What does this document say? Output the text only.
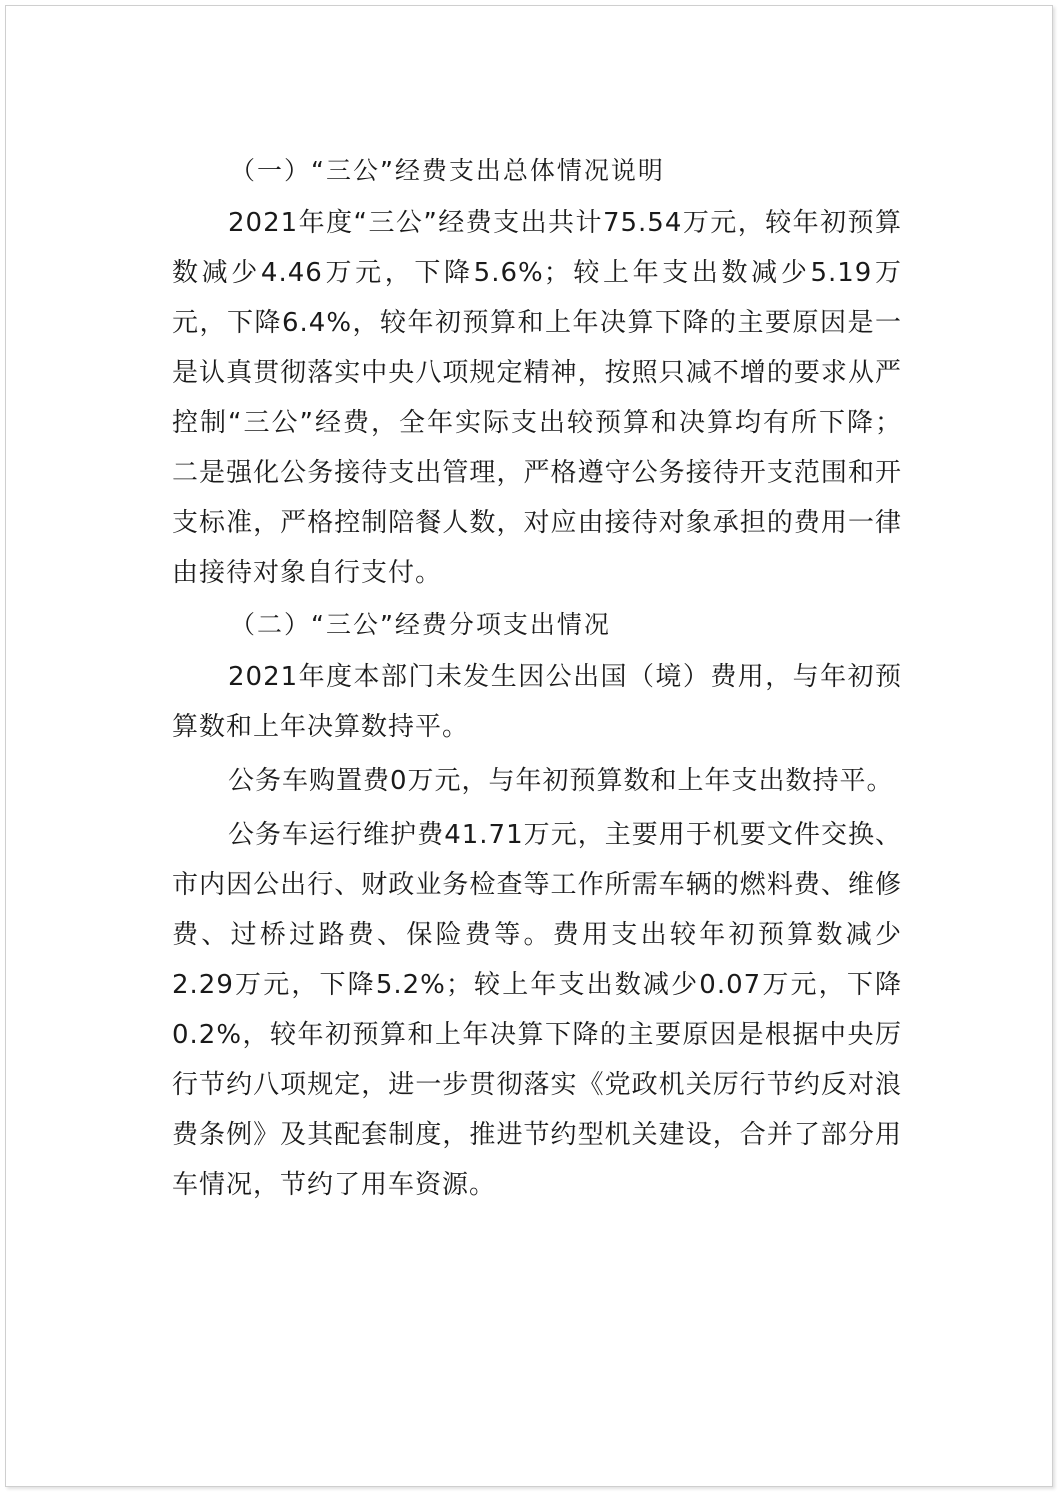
（一）“三公”经费支出总体情况说明

2021年度“三公”经费支出共计75.54万元，较年初预算数减少4.46万元，下降5.6%；较上年支出数减少5.19万元，下降6.4%，较年初预算和上年决算下降的主要原因是一是认真贯彻落实中央八项规定精神，按照只减不增的要求从严控制“三公”经费，全年实际支出较预算和决算均有所下降；二是强化公务接待支出管理，严格遵守公务接待开支范围和开支标准，严格控制陪餐人数，对应由接待对象承担的费用一律由接待对象自行支付。

（二）“三公”经费分项支出情况

2021年度本部门未发生因公出国（境）费用，与年初预算数和上年决算数持平。

公务车购置费0万元，与年初预算数和上年支出数持平。

公务车运行维护费41.71万元，主要用于机要文件交换、市内因公出行、财政业务检查等工作所需车辆的燃料费、维修费、过桥过路费、保险费等。费用支出较年初预算数减少2.29万元，下降5.2%；较上年支出数减少0.07万元，下降0.2%，较年初预算和上年决算下降的主要原因是根据中央厉行节约八项规定，进一步贯彻落实《党政机关厉行节约反对浪费条例》及其配套制度，推进节约型机关建设，合并了部分用车情况，节约了用车资源。
